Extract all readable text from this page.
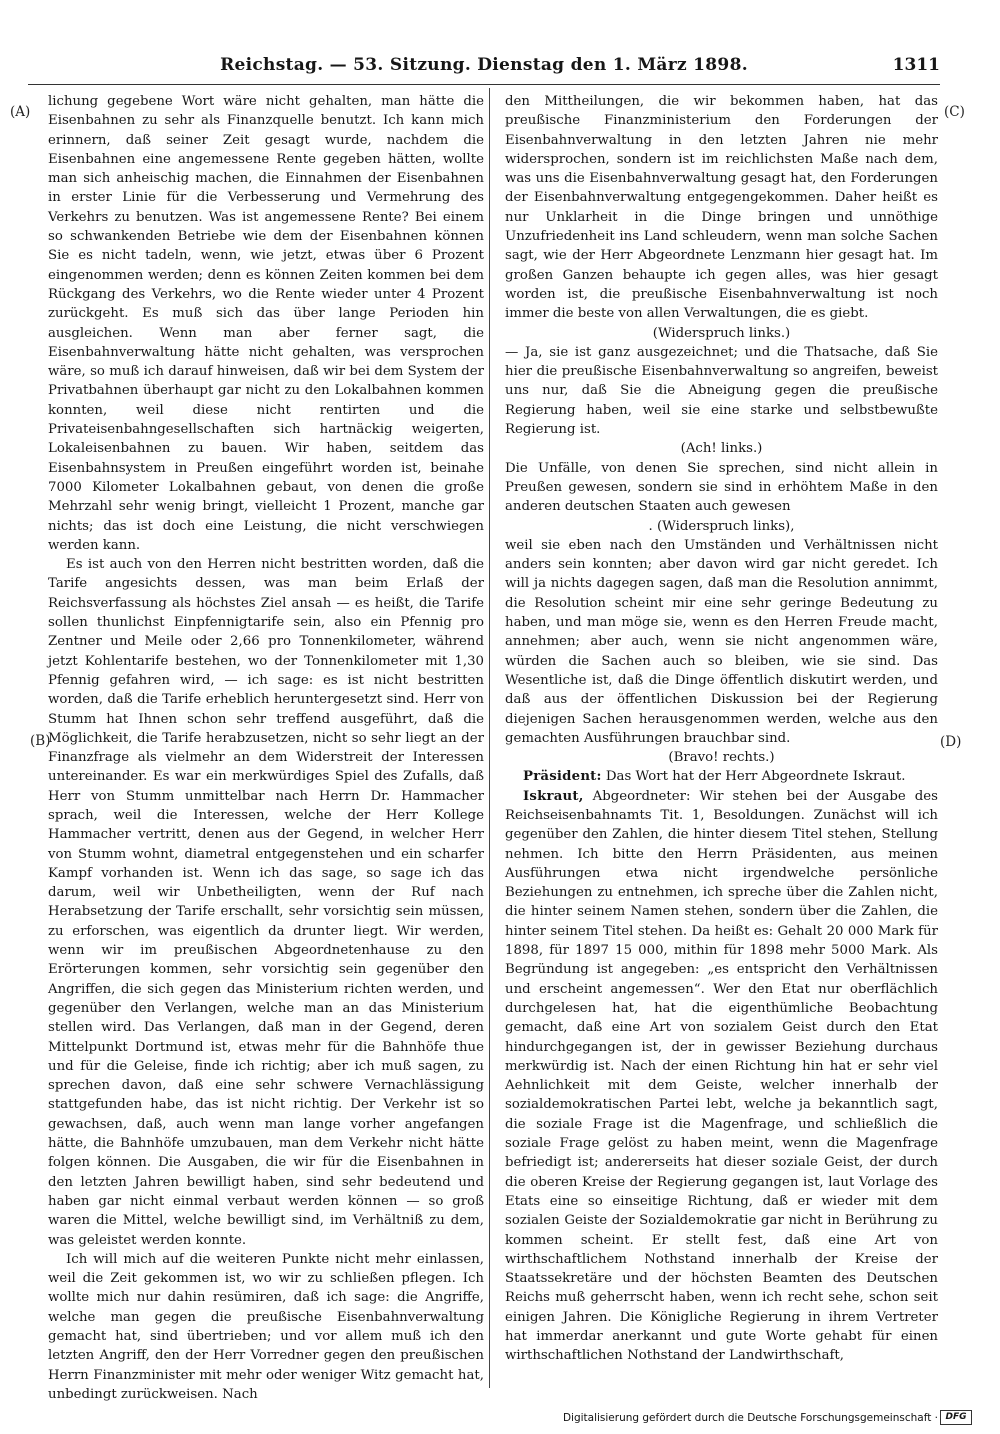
Reichstag. — 53. Sitzung. Dienstag den 1. März 1898.	1311
(A)
(B)
(C)
(D)

lichung gegebene Wort wäre nicht gehalten, man hätte die Eisenbahnen zu sehr als Finanzquelle benutzt. Ich kann mich erinnern, daß seiner Zeit gesagt wurde, nachdem die Eisenbahnen eine angemessene Rente gegeben hätten, wollte man sich anheischig machen, die Einnahmen der Eisenbahnen in erster Linie für die Verbesserung und Vermehrung des Verkehrs zu benutzen. Was ist angemessene Rente? Bei einem so schwankenden Betriebe wie dem der Eisenbahnen können Sie es nicht tadeln, wenn, wie jetzt, etwas über 6 Prozent eingenommen werden; denn es können Zeiten kommen bei dem Rückgang des Verkehrs, wo die Rente wieder unter 4 Prozent zurückgeht. Es muß sich das über lange Perioden hin ausgleichen. Wenn man aber ferner sagt, die Eisenbahnverwaltung hätte nicht gehalten, was versprochen wäre, so muß ich darauf hinweisen, daß wir bei dem System der Privatbahnen überhaupt gar nicht zu den Lokalbahnen kommen konnten, weil diese nicht rentirten und die Privateisenbahngesellschaften sich hartnäckig weigerten, Lokaleisenbahnen zu bauen. Wir haben, seitdem das Eisenbahnsystem in Preußen eingeführt worden ist, beinahe 7000 Kilometer Lokalbahnen gebaut, von denen die große Mehrzahl sehr wenig bringt, vielleicht 1 Prozent, manche gar nichts; das ist doch eine Leistung, die nicht verschwiegen werden kann.

Es ist auch von den Herren nicht bestritten worden, daß die Tarife angesichts dessen, was man beim Erlaß der Reichsverfassung als höchstes Ziel ansah — es heißt, die Tarife sollen thunlichst Einpfennigtarife sein, also ein Pfennig pro Zentner und Meile oder 2,66 pro Tonnenkilometer, während jetzt Kohlentarife bestehen, wo der Tonnenkilometer mit 1,30 Pfennig gefahren wird, — ich sage: es ist nicht bestritten worden, daß die Tarife erheblich heruntergesetzt sind. Herr von Stumm hat Ihnen schon sehr treffend ausgeführt, daß die Möglichkeit, die Tarife herabzusetzen, nicht so sehr liegt an der Finanzfrage als vielmehr an dem Widerstreit der Interessen untereinander. Es war ein merkwürdiges Spiel des Zufalls, daß Herr von Stumm unmittelbar nach Herrn Dr. Hammacher sprach, weil die Interessen, welche der Herr Kollege Hammacher vertritt, denen aus der Gegend, in welcher Herr von Stumm wohnt, diametral entgegenstehen und ein scharfer Kampf vorhanden ist. Wenn ich das sage, so sage ich das darum, weil wir Unbetheiligten, wenn der Ruf nach Herabsetzung der Tarife erschallt, sehr vorsichtig sein müssen, zu erforschen, was eigentlich da drunter liegt. Wir werden, wenn wir im preußischen Abgeordnetenhause zu den Erörterungen kommen, sehr vorsichtig sein gegenüber den Angriffen, die sich gegen das Ministerium richten werden, und gegenüber den Verlangen, welche man an das Ministerium stellen wird. Das Verlangen, daß man in der Gegend, deren Mittelpunkt Dortmund ist, etwas mehr für die Bahnhöfe thue und für die Geleise, finde ich richtig; aber ich muß sagen, zu sprechen davon, daß eine sehr schwere Vernachlässigung stattgefunden habe, das ist nicht richtig. Der Verkehr ist so gewachsen, daß, auch wenn man lange vorher angefangen hätte, die Bahnhöfe umzubauen, man dem Verkehr nicht hätte folgen können. Die Ausgaben, die wir für die Eisenbahnen in den letzten Jahren bewilligt haben, sind sehr bedeutend und haben gar nicht einmal verbaut werden können — so groß waren die Mittel, welche bewilligt sind, im Verhältniß zu dem, was geleistet werden konnte.

Ich will mich auf die weiteren Punkte nicht mehr einlassen, weil die Zeit gekommen ist, wo wir zu schließen pflegen. Ich wollte mich nur dahin resümiren, daß ich sage: die Angriffe, welche man gegen die preußische Eisenbahnverwaltung gemacht hat, sind übertrieben; und vor allem muß ich den letzten Angriff, den der Herr Vorredner gegen den preußischen Herrn Finanzminister mit mehr oder weniger Witz gemacht hat, unbedingt zurückweisen. Nach

den Mittheilungen, die wir bekommen haben, hat das preußische Finanzministerium den Forderungen der Eisenbahnverwaltung in den letzten Jahren nie mehr widersprochen, sondern ist im reichlichsten Maße nach dem, was uns die Eisenbahnverwaltung gesagt hat, den Forderungen der Eisenbahnverwaltung entgegengekommen. Daher heißt es nur Unklarheit in die Dinge bringen und unnöthige Unzufriedenheit ins Land schleudern, wenn man solche Sachen sagt, wie der Herr Abgeordnete Lenzmann hier gesagt hat. Im großen Ganzen behaupte ich gegen alles, was hier gesagt worden ist, die preußische Eisenbahnverwaltung ist noch immer die beste von allen Verwaltungen, die es giebt.

(Widerspruch links.)

— Ja, sie ist ganz ausgezeichnet; und die Thatsache, daß Sie hier die preußische Eisenbahnverwaltung so angreifen, beweist uns nur, daß Sie die Abneigung gegen die preußische Regierung haben, weil sie eine starke und selbstbewußte Regierung ist.

(Ach! links.)

Die Unfälle, von denen Sie sprechen, sind nicht allein in Preußen gewesen, sondern sie sind in erhöhtem Maße in den anderen deutschen Staaten auch gewesen

. (Widerspruch links),

weil sie eben nach den Umständen und Verhältnissen nicht anders sein konnten; aber davon wird gar nicht geredet. Ich will ja nichts dagegen sagen, daß man die Resolution annimmt, die Resolution scheint mir eine sehr geringe Bedeutung zu haben, und man möge sie, wenn es den Herren Freude macht, annehmen; aber auch, wenn sie nicht angenommen wäre, würden die Sachen auch so bleiben, wie sie sind. Das Wesentliche ist, daß die Dinge öffentlich diskutirt werden, und daß aus der öffentlichen Diskussion bei der Regierung diejenigen Sachen herausgenommen werden, welche aus den gemachten Ausführungen brauchbar sind.

(Bravo! rechts.)

Präsident: Das Wort hat der Herr Abgeordnete Iskraut.

Iskraut, Abgeordneter: Wir stehen bei der Ausgabe des Reichseisenbahnamts Tit. 1, Besoldungen. Zunächst will ich gegenüber den Zahlen, die hinter diesem Titel stehen, Stellung nehmen. Ich bitte den Herrn Präsidenten, aus meinen Ausführungen etwa nicht irgendwelche persönliche Beziehungen zu entnehmen, ich spreche über die Zahlen nicht, die hinter seinem Namen stehen, sondern über die Zahlen, die hinter seinem Titel stehen. Da heißt es: Gehalt 20 000 Mark für 1898, für 1897 15 000, mithin für 1898 mehr 5000 Mark. Als Begründung ist angegeben: „es entspricht den Verhältnissen und erscheint angemessen“. Wer den Etat nur oberflächlich durchgelesen hat, hat die eigenthümliche Beobachtung gemacht, daß eine Art von sozialem Geist durch den Etat hindurchgegangen ist, der in gewisser Beziehung durchaus merkwürdig ist. Nach der einen Richtung hin hat er sehr viel Aehnlichkeit mit dem Geiste, welcher innerhalb der sozialdemokratischen Partei lebt, welche ja bekanntlich sagt, die soziale Frage ist die Magenfrage, und schließlich die soziale Frage gelöst zu haben meint, wenn die Magenfrage befriedigt ist; andererseits hat dieser soziale Geist, der durch die oberen Kreise der Regierung gegangen ist, laut Vorlage des Etats eine so einseitige Richtung, daß er wieder mit dem sozialen Geiste der Sozialdemokratie gar nicht in Berührung zu kommen scheint. Er stellt fest, daß eine Art von wirthschaftlichem Nothstand innerhalb der Kreise der Staatssekretäre und der höchsten Beamten des Deutschen Reichs muß geherrscht haben, wenn ich recht sehe, schon seit einigen Jahren. Die Königliche Regierung in ihrem Vertreter hat immerdar anerkannt und gute Worte gehabt für einen wirthschaftlichen Nothstand der Landwirthschaft,

Digitalisierung gefördert durch die Deutsche Forschungsgemeinschaft · DFG
